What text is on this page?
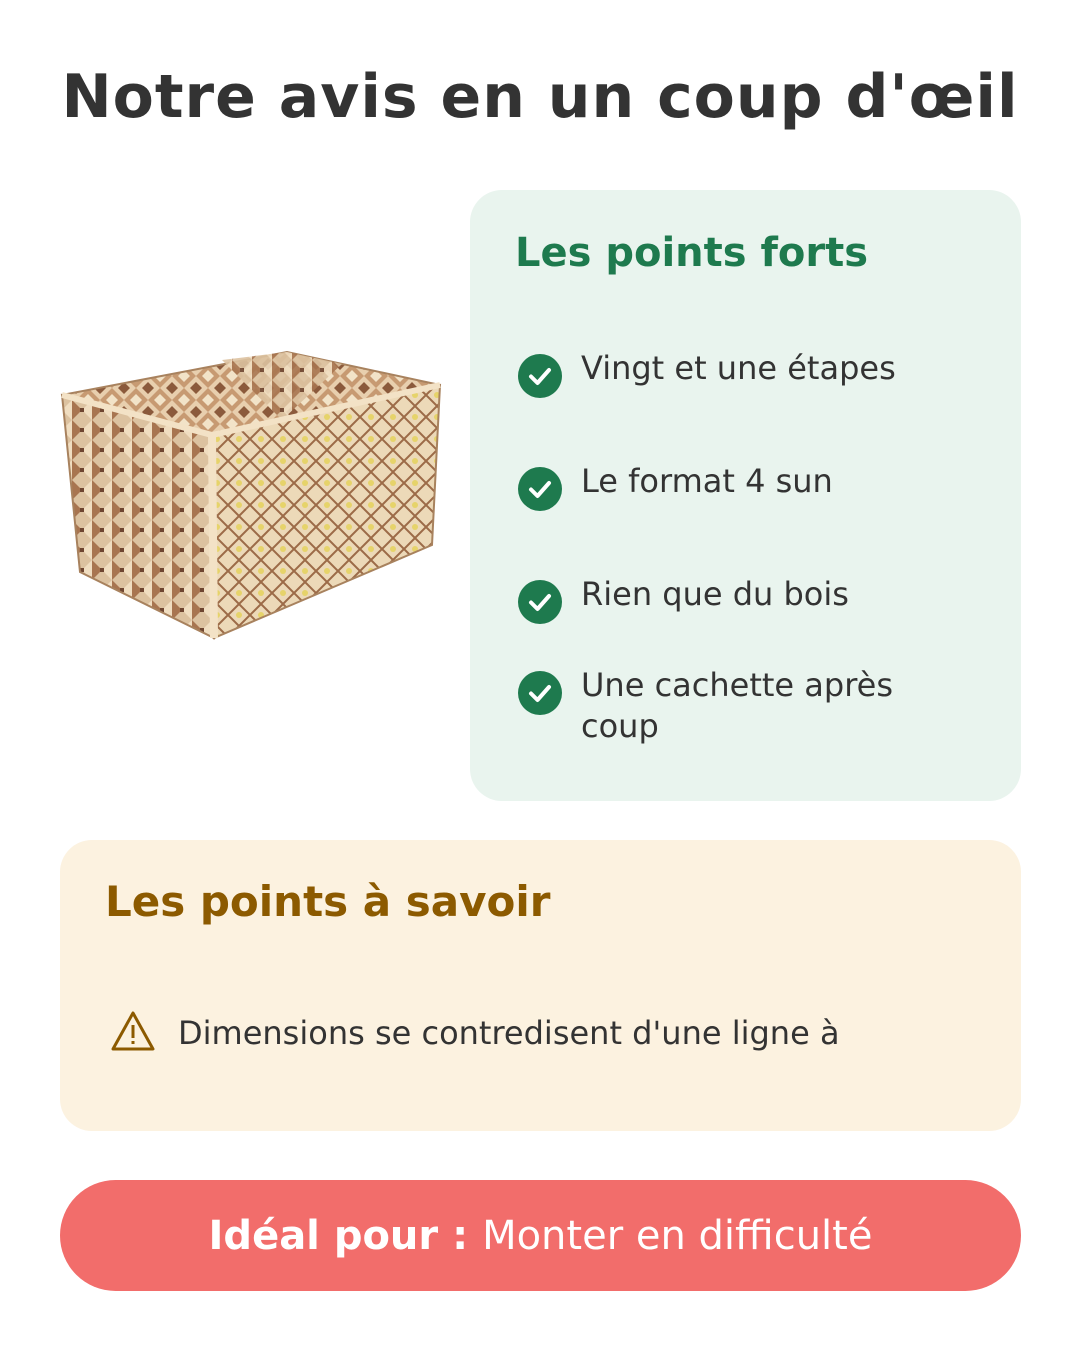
Notre avis en un coup d'œil
Les points forts
Vingt et une étapes
Le format 4 sun
Rien que du bois
Une cachette après coup
Les points à savoir
Dimensions se contredisent d'une ligne à
Idéal pour : Monter en difficulté
